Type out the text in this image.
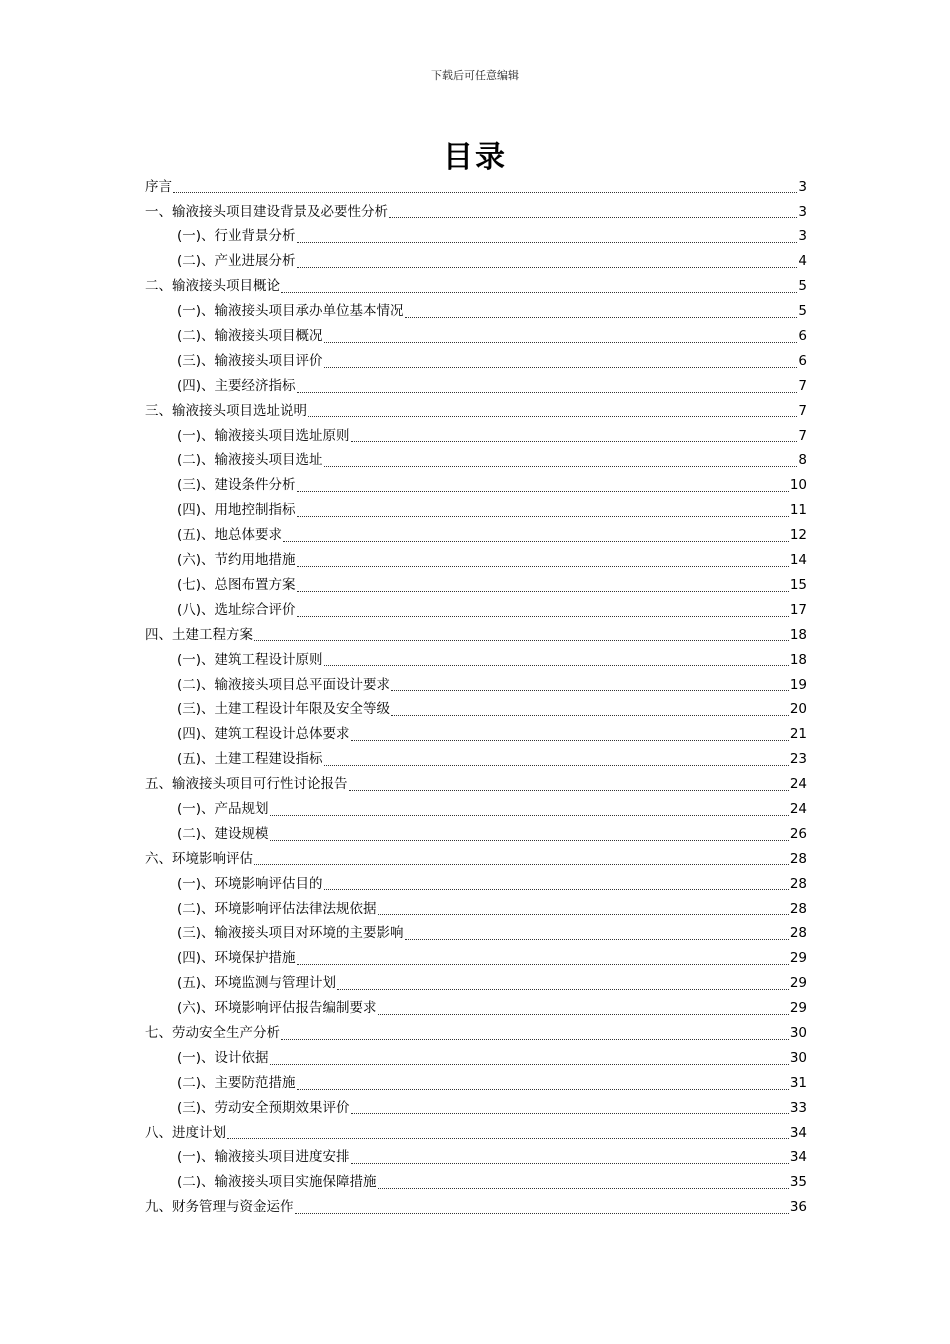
下载后可任意编辑
目录
序言	3
一、输液接头项目建设背景及必要性分析	3
(一)、行业背景分析	3
(二)、产业进展分析	4
二、输液接头项目概论	5
(一)、输液接头项目承办单位基本情况	5
(二)、输液接头项目概况	6
(三)、输液接头项目评价	6
(四)、主要经济指标	7
三、输液接头项目选址说明	7
(一)、输液接头项目选址原则	7
(二)、输液接头项目选址	8
(三)、建设条件分析	10
(四)、用地控制指标	11
(五)、地总体要求	12
(六)、节约用地措施	14
(七)、总图布置方案	15
(八)、选址综合评价	17
四、土建工程方案	18
(一)、建筑工程设计原则	18
(二)、输液接头项目总平面设计要求	19
(三)、土建工程设计年限及安全等级	20
(四)、建筑工程设计总体要求	21
(五)、土建工程建设指标	23
五、输液接头项目可行性讨论报告	24
(一)、产品规划	24
(二)、建设规模	26
六、环境影响评估	28
(一)、环境影响评估目的	28
(二)、环境影响评估法律法规依据	28
(三)、输液接头项目对环境的主要影响	28
(四)、环境保护措施	29
(五)、环境监测与管理计划	29
(六)、环境影响评估报告编制要求	29
七、劳动安全生产分析	30
(一)、设计依据	30
(二)、主要防范措施	31
(三)、劳动安全预期效果评价	33
八、进度计划	34
(一)、输液接头项目进度安排	34
(二)、输液接头项目实施保障措施	35
九、财务管理与资金运作	36
